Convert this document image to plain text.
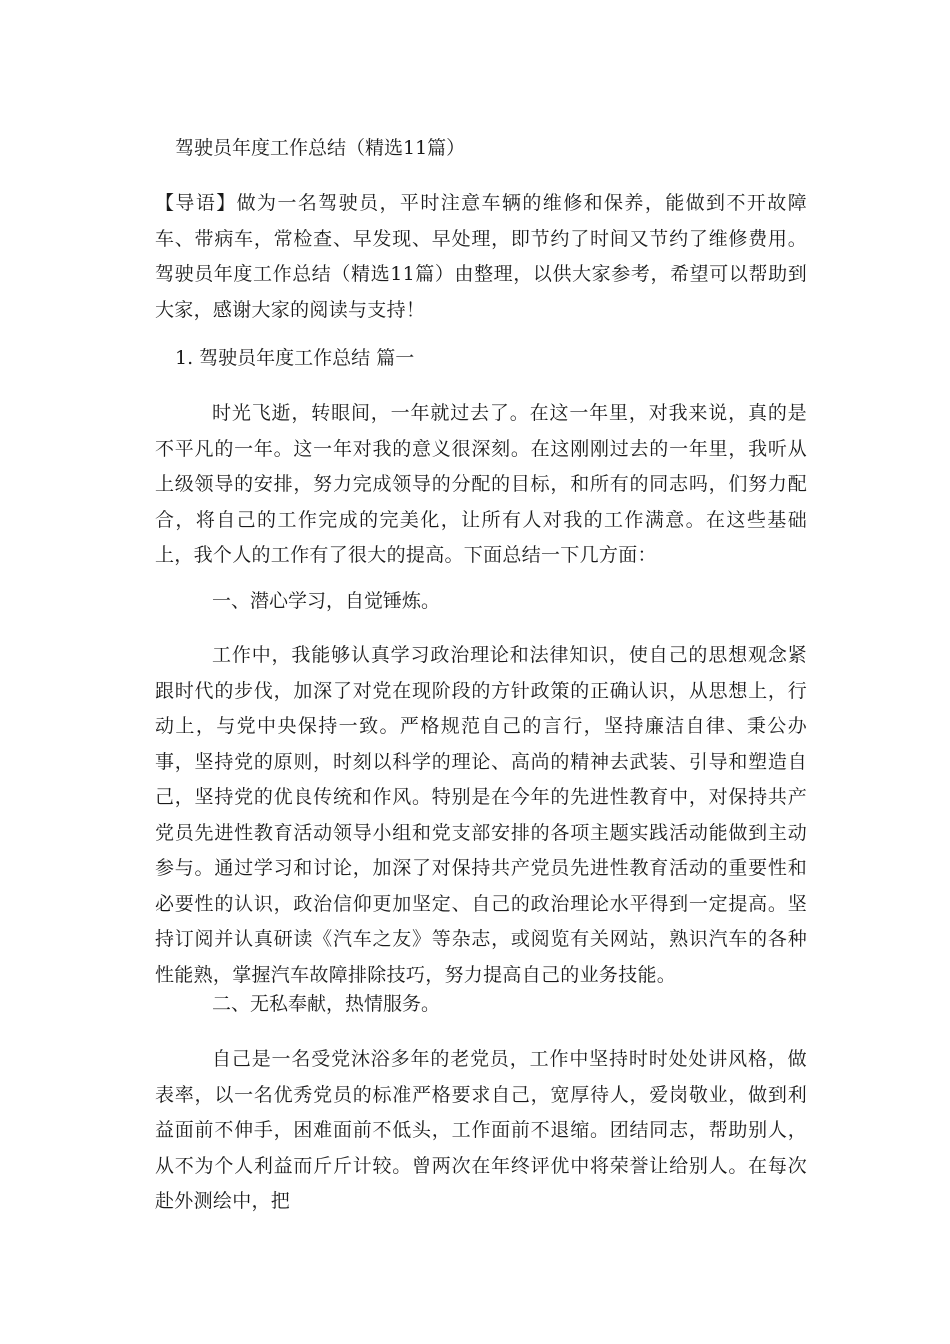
驾驶员年度工作总结（精选11篇）
【导语】做为一名驾驶员，平时注意车辆的维修和保养，能做到不开故障车、带病车，常检查、早发现、早处理，即节约了时间又节约了维修费用。驾驶员年度工作总结（精选11篇）由整理，以供大家参考，希望可以帮助到大家，感谢大家的阅读与支持！
1. 驾驶员年度工作总结 篇一
时光飞逝，转眼间，一年就过去了。在这一年里，对我来说，真的是不平凡的一年。这一年对我的意义很深刻。在这刚刚过去的一年里，我听从上级领导的安排，努力完成领导的分配的目标，和所有的同志吗，们努力配合，将自己的工作完成的完美化，让所有人对我的工作满意。在这些基础上，我个人的工作有了很大的提高。下面总结一下几方面：
一、潜心学习，自觉锤炼。
工作中，我能够认真学习政治理论和法律知识，使自己的思想观念紧跟时代的步伐，加深了对党在现阶段的方针政策的正确认识，从思想上，行动上，与党中央保持一致。严格规范自己的言行，坚持廉洁自律、秉公办事，坚持党的原则，时刻以科学的理论、高尚的精神去武装、引导和塑造自己，坚持党的优良传统和作风。特别是在今年的先进性教育中，对保持共产党员先进性教育活动领导小组和党支部安排的各项主题实践活动能做到主动参与。通过学习和讨论，加深了对保持共产党员先进性教育活动的重要性和必要性的认识，政治信仰更加坚定、自己的政治理论水平得到一定提高。坚持订阅并认真研读《汽车之友》等杂志，或阅览有关网站，熟识汽车的各种性能熟，掌握汽车故障排除技巧，努力提高自己的业务技能。
二、无私奉献，热情服务。
自己是一名受党沐浴多年的老党员，工作中坚持时时处处讲风格，做表率，以一名优秀党员的标准严格要求自己，宽厚待人，爱岗敬业，做到利益面前不伸手，困难面前不低头，工作面前不退缩。团结同志，帮助别人，从不为个人利益而斤斤计较。曾两次在年终评优中将荣誉让给别人。在每次赴外测绘中，把
